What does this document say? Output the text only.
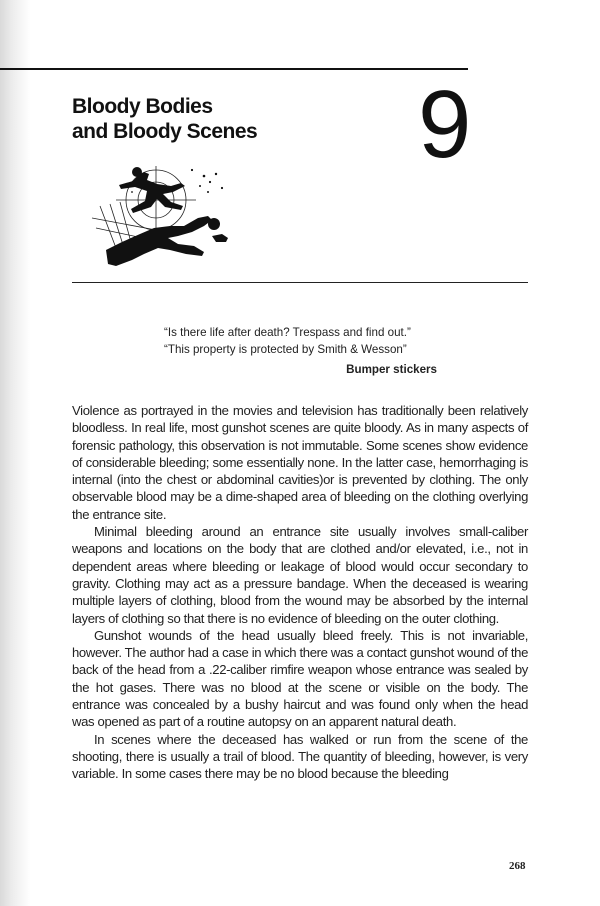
Bloody Bodies
and Bloody Scenes 9
“Is there life after death? Trespass and find out.”
“This property is protected by Smith & Wesson”
Bumper stickers

Violence as portrayed in the movies and television has traditionally been relatively bloodless. In real life, most gunshot scenes are quite bloody. As in many aspects of forensic pathology, this observation is not immutable. Some scenes show evidence of considerable bleeding; some essentially none. In the latter case, hemorrhaging is internal (into the chest or abdominal cavities)or is prevented by clothing. The only observable blood may be a dime-shaped area of bleeding on the clothing overlying the entrance site.

Minimal bleeding around an entrance site usually involves small-caliber weapons and locations on the body that are clothed and/or elevated, i.e., not in dependent areas where bleeding or leakage of blood would occur secondary to gravity. Clothing may act as a pressure bandage. When the deceased is wearing multiple layers of clothing, blood from the wound may be absorbed by the internal layers of clothing so that there is no evidence of bleeding on the outer clothing.

Gunshot wounds of the head usually bleed freely. This is not invariable, however. The author had a case in which there was a contact gunshot wound of the back of the head from a .22-caliber rimfire weapon whose entrance was sealed by the hot gases. There was no blood at the scene or visible on the body. The entrance was concealed by a bushy haircut and was found only when the head was opened as part of a routine autopsy on an apparent natural death.

In scenes where the deceased has walked or run from the scene of the shooting, there is usually a trail of blood. The quantity of bleeding, however, is very variable. In some cases there may be no blood because the bleeding

268
